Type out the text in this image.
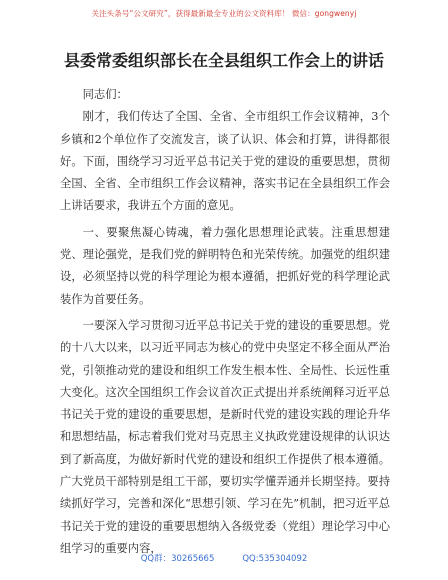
关注头条号“公文研究”，获得最新最全专业的公文资料库！ 微信：gongwenyj
县委常委组织部长在全县组织工作会上的讲话

同志们：

刚才，我们传达了全国、全省、全市组织工作会议精神，3个乡镇和2个单位作了交流发言，谈了认识、体会和打算，讲得都很好。下面，围绕学习习近平总书记关于党的建设的重要思想，贯彻全国、全省、全市组织工作会议精神，落实书记在全县组织工作会上讲话要求，我讲五个方面的意见。

一、要聚焦凝心铸魂，着力强化思想理论武装。注重思想建党、理论强党，是我们党的鲜明特色和光荣传统。加强党的组织建设，必须坚持以党的科学理论为根本遵循，把抓好党的科学理论武装作为首要任务。

一要深入学习贯彻习近平总书记关于党的建设的重要思想。党的十八大以来，以习近平同志为核心的党中央坚定不移全面从严治党，引领推动党的建设和组织工作发生根本性、全局性、长远性重大变化。这次全国组织工作会议首次正式提出并系统阐释习近平总书记关于党的建设的重要思想，是新时代党的建设实践的理论升华和思想结晶，标志着我们党对马克思主义执政党建设规律的认识达到了新高度，为做好新时代党的建设和组织工作提供了根本遵循。广大党员干部特别是组工干部，要切实学懂弄通并长期坚持。要持续抓好学习，完善和深化“思想引领、学习在先”机制，把习近平总书记关于党的建设的重要思想纳入各级党委（党组）理论学习中心组学习的重要内容，

QQ群：30265665	QQ:535304092
